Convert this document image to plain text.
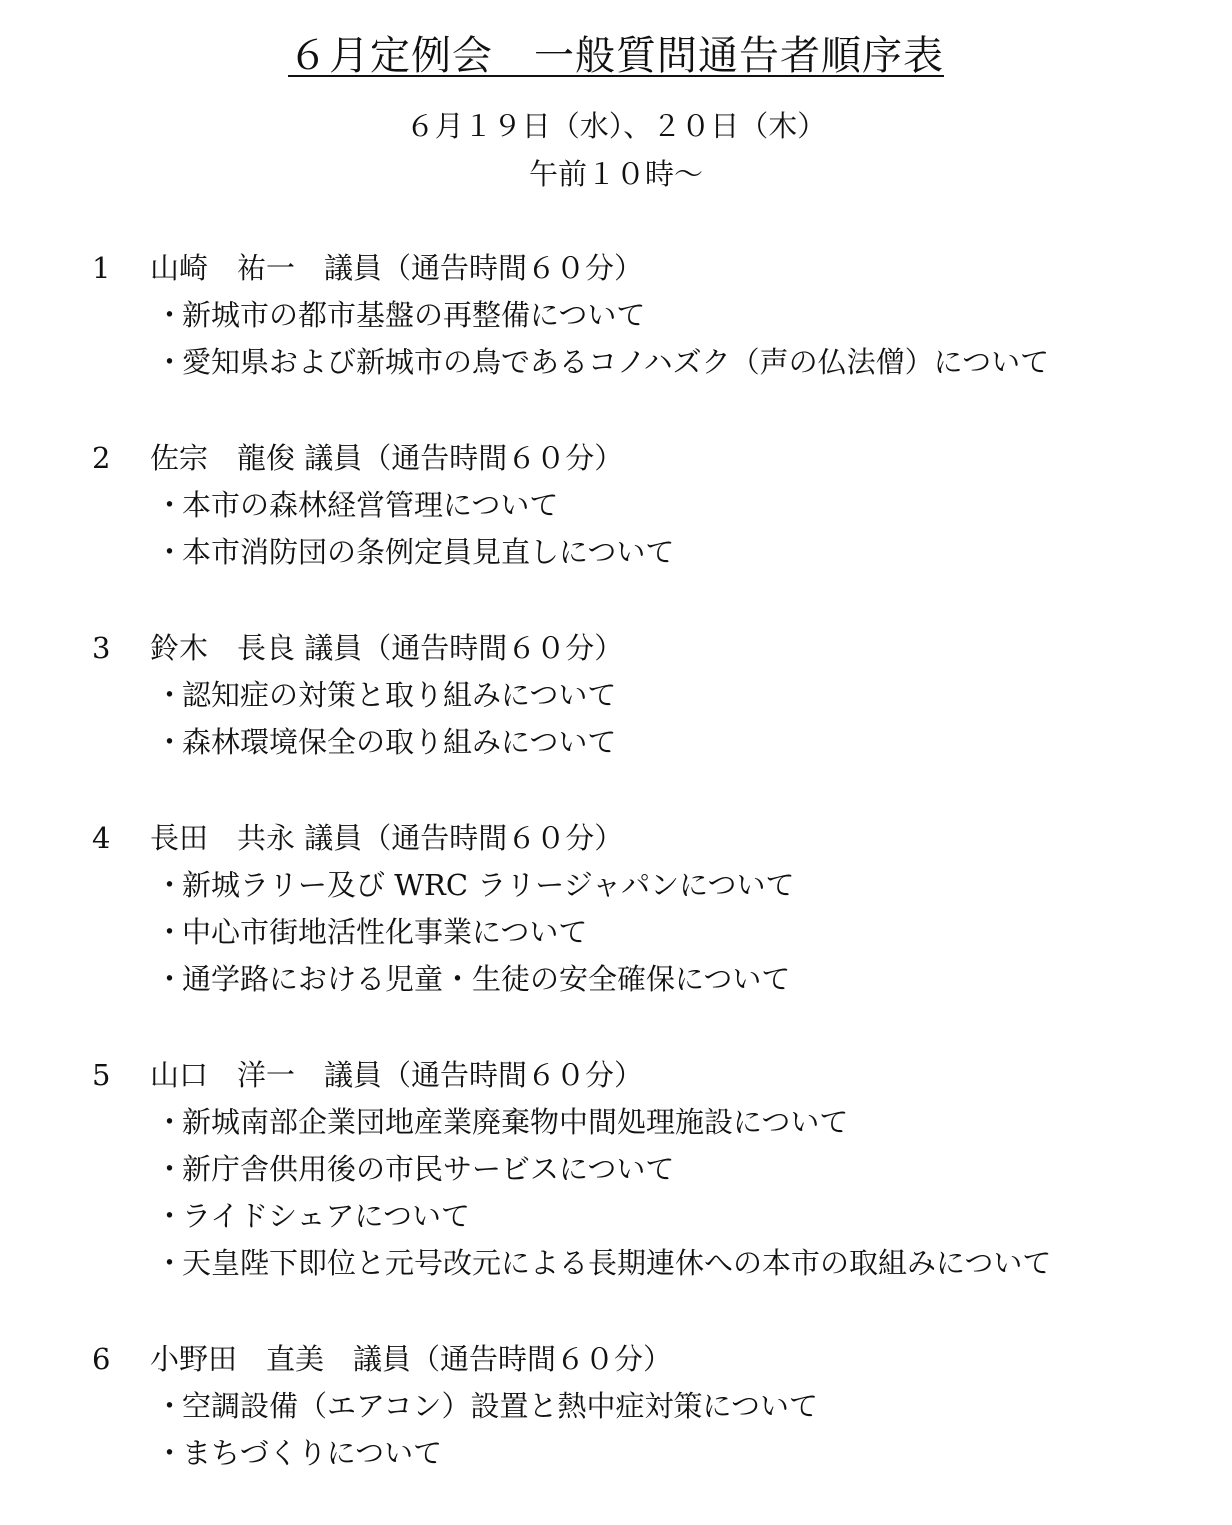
６月定例会　一般質問通告者順序表
６月１９日（水）、２０日（木）
午前１０時～
1 山崎　祐一　議員（通告時間６０分）
・
新城市の都市基盤の再整備について
・
愛知県および新城市の鳥であるコノハズク（声の仏法僧）について
2 佐宗　龍俊 議員（通告時間６０分）
・
本市の森林経営管理について
・
本市消防団の条例定員見直しについて
3 鈴木　長良 議員（通告時間６０分）
・
認知症の対策と取り組みについて
・
森林環境保全の取り組みについて
4 長田　共永 議員（通告時間６０分）
・
新城ラリー及び WRC ラリージャパンについて
・
中心市街地活性化事業について
・
通学路における児童・生徒の安全確保について
5 山口　洋一　議員（通告時間６０分）
・
新城南部企業団地産業廃棄物中間処理施設について
・
新庁舎供用後の市民サービスについて
・
ライドシェアについて
・
天皇陛下即位と元号改元による長期連休への本市の取組みについて
6 小野田　直美　議員（通告時間６０分）
・
空調設備（エアコン）設置と熱中症対策について
・
まちづくりについて
